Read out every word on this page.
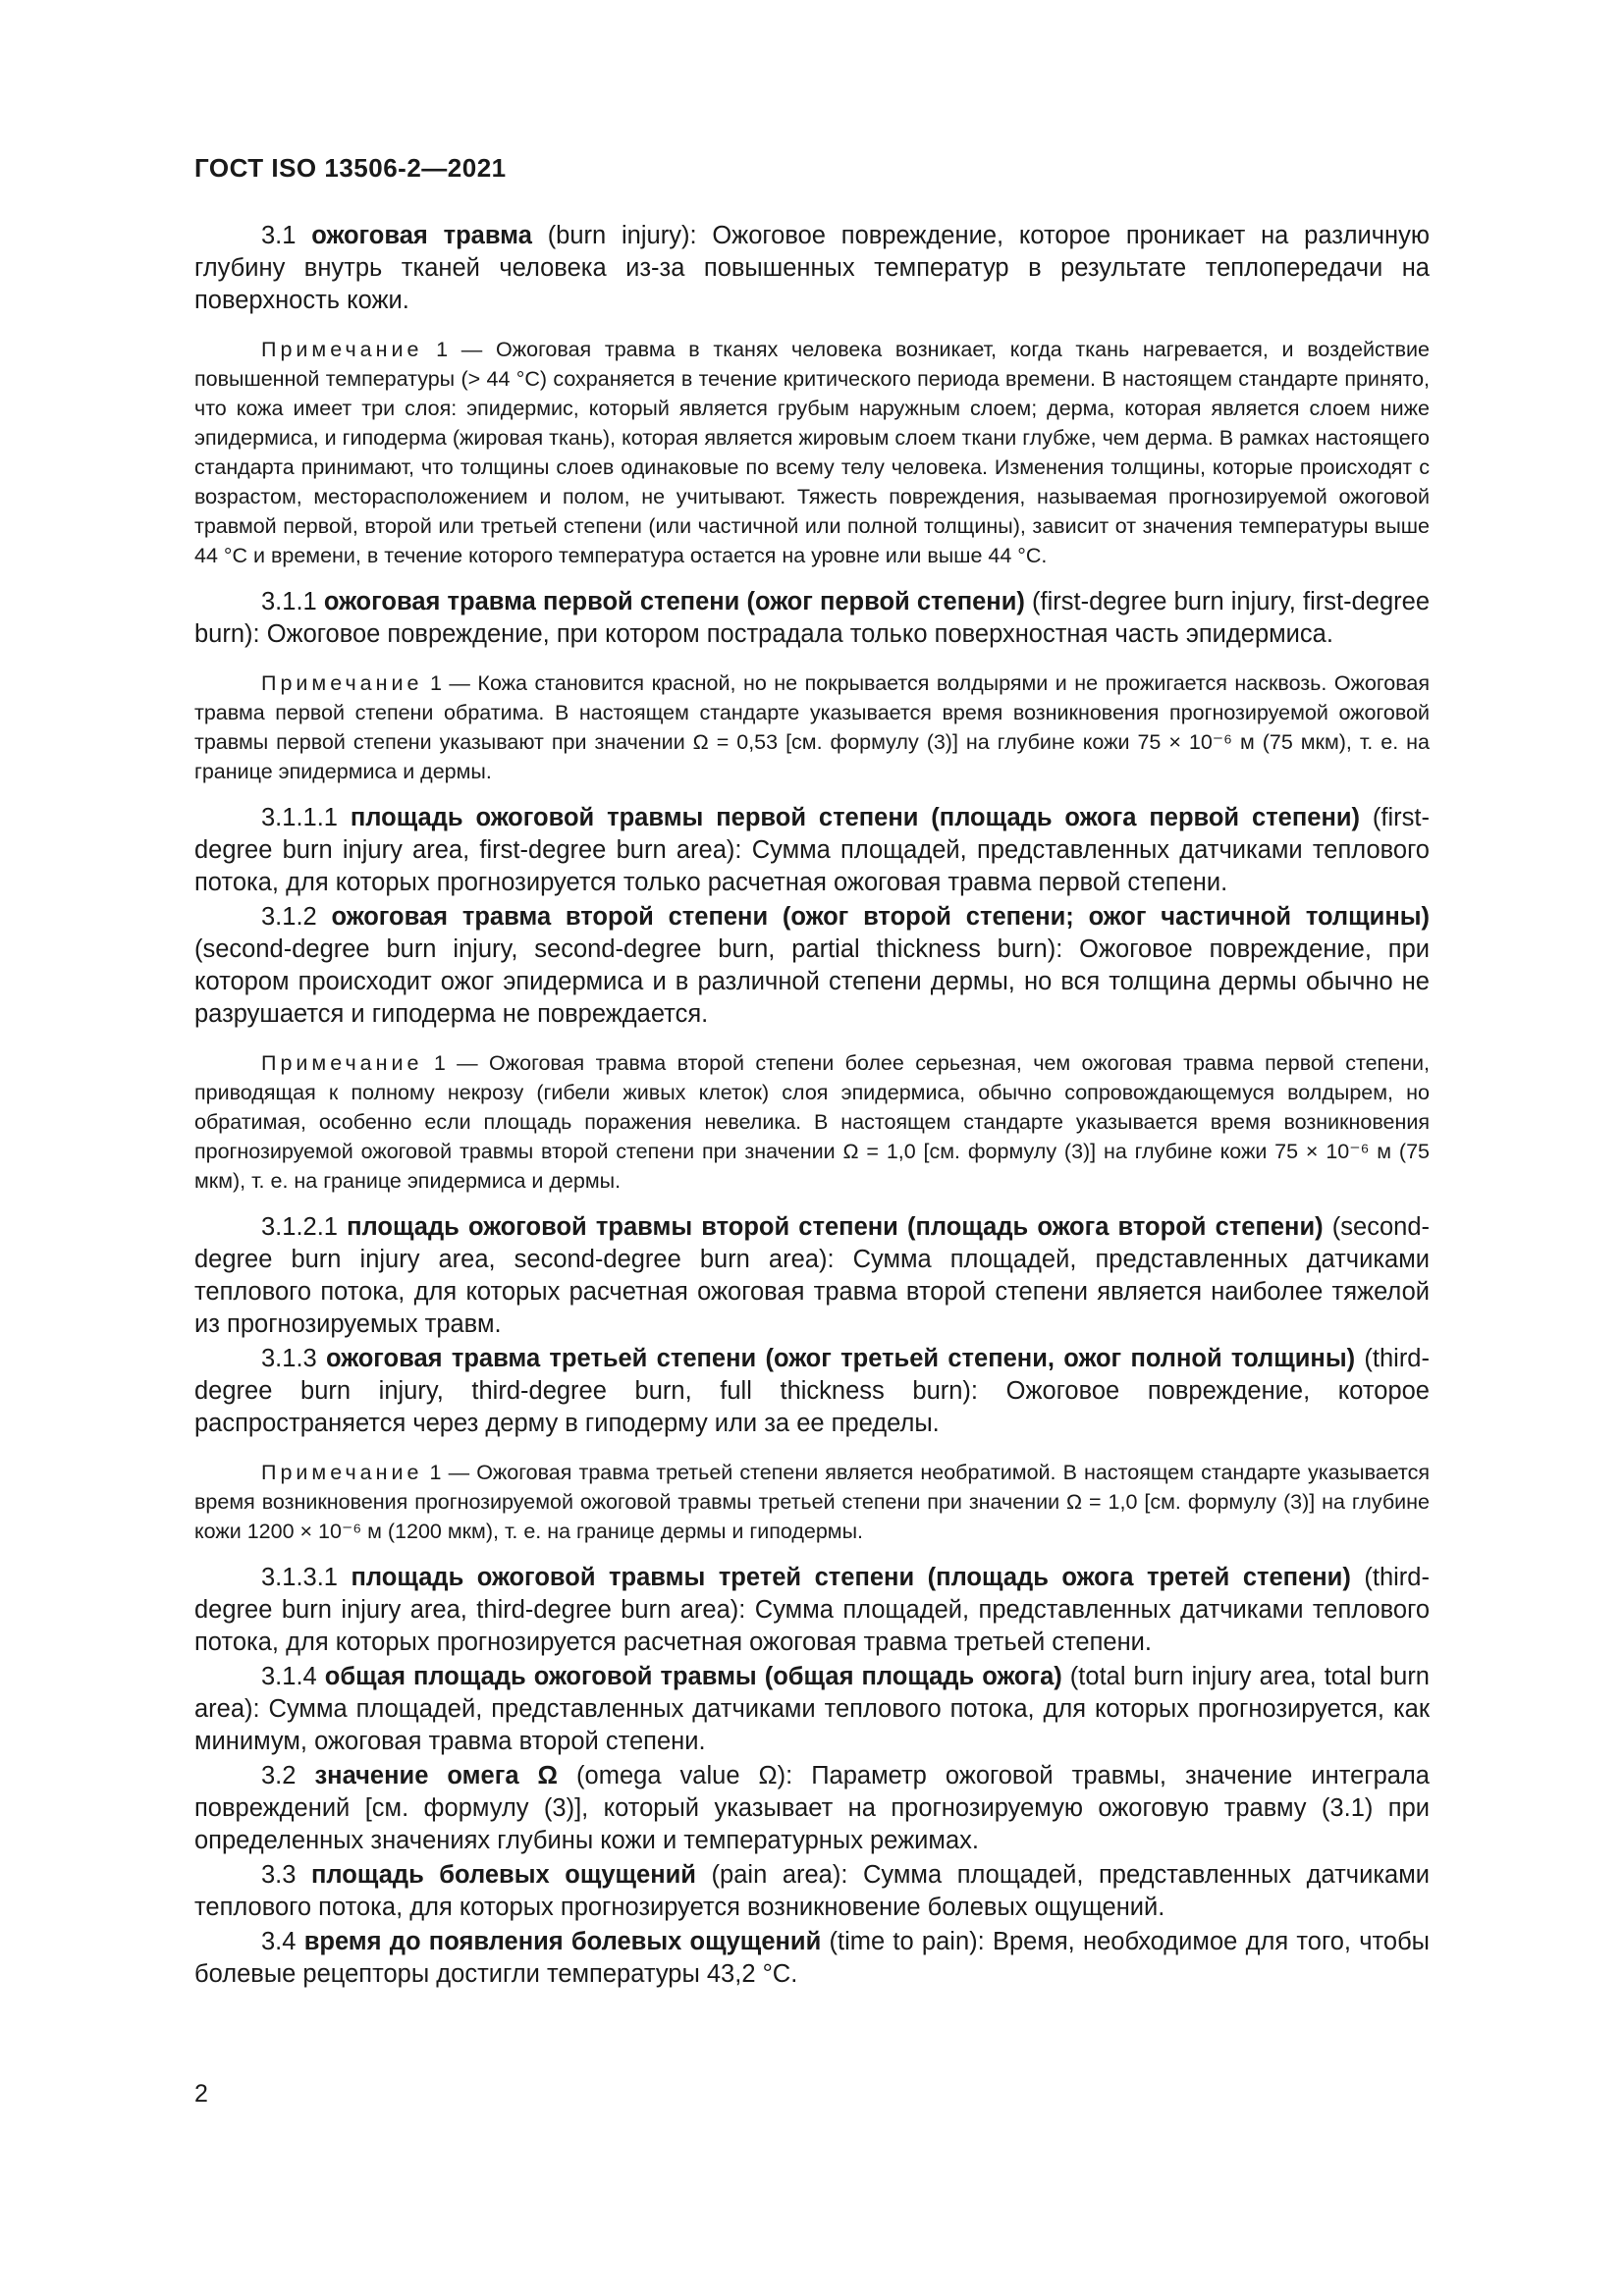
ГОСТ ISO 13506-2—2021

3.1 ожоговая травма (burn injury): Ожоговое повреждение, которое проникает на различную глубину внутрь тканей человека из-за повышенных температур в результате теплопередачи на поверхность кожи.

Примечание 1 — Ожоговая травма в тканях человека возникает, когда ткань нагревается, и воздействие повышенной температуры (> 44 °С) сохраняется в течение критического периода времени. В настоящем стандарте принято, что кожа имеет три слоя: эпидермис, который является грубым наружным слоем; дерма, которая является слоем ниже эпидермиса, и гиподерма (жировая ткань), которая является жировым слоем ткани глубже, чем дерма. В рамках настоящего стандарта принимают, что толщины слоев одинаковые по всему телу человека. Изменения толщины, которые происходят с возрастом, месторасположением и полом, не учитывают. Тяжесть повреждения, называемая прогнозируемой ожоговой травмой первой, второй или третьей степени (или частичной или полной толщины), зависит от значения температуры выше 44 °С и времени, в течение которого температура остается на уровне или выше 44 °С.

3.1.1 ожоговая травма первой степени (ожог первой степени) (first-degree burn injury, first-degree burn): Ожоговое повреждение, при котором пострадала только поверхностная часть эпидермиса.

Примечание 1 — Кожа становится красной, но не покрывается волдырями и не прожигается насквозь. Ожоговая травма первой степени обратима. В настоящем стандарте указывается время возникновения прогнозируемой ожоговой травмы первой степени указывают при значении Ω = 0,53 [см. формулу (3)] на глубине кожи 75 × 10⁻⁶ м (75 мкм), т. е. на границе эпидермиса и дермы.

3.1.1.1 площадь ожоговой травмы первой степени (площадь ожога первой степени) (first-degree burn injury area, first-degree burn area): Сумма площадей, представленных датчиками теплового потока, для которых прогнозируется только расчетная ожоговая травма первой степени.

3.1.2 ожоговая травма второй степени (ожог второй степени; ожог частичной толщины) (second-degree burn injury, second-degree burn, partial thickness burn): Ожоговое повреждение, при котором происходит ожог эпидермиса и в различной степени дермы, но вся толщина дермы обычно не разрушается и гиподерма не повреждается.

Примечание 1 — Ожоговая травма второй степени более серьезная, чем ожоговая травма первой степени, приводящая к полному некрозу (гибели живых клеток) слоя эпидермиса, обычно сопровождающемуся волдырем, но обратимая, особенно если площадь поражения невелика. В настоящем стандарте указывается время возникновения прогнозируемой ожоговой травмы второй степени при значении Ω = 1,0 [см. формулу (3)] на глубине кожи 75 × 10⁻⁶ м (75 мкм), т. е. на границе эпидермиса и дермы.

3.1.2.1 площадь ожоговой травмы второй степени (площадь ожога второй степени) (second-degree burn injury area, second-degree burn area): Сумма площадей, представленных датчиками теплового потока, для которых расчетная ожоговая травма второй степени является наиболее тяжелой из прогнозируемых травм.

3.1.3 ожоговая травма третьей степени (ожог третьей степени, ожог полной толщины) (third-degree burn injury, third-degree burn, full thickness burn): Ожоговое повреждение, которое распространяется через дерму в гиподерму или за ее пределы.

Примечание 1 — Ожоговая травма третьей степени является необратимой. В настоящем стандарте указывается время возникновения прогнозируемой ожоговой травмы третьей степени при значении Ω = 1,0 [см. формулу (3)] на глубине кожи 1200 × 10⁻⁶ м (1200 мкм), т. е. на границе дермы и гиподермы.

3.1.3.1 площадь ожоговой травмы третей степени (площадь ожога третей степени) (third-degree burn injury area, third-degree burn area): Сумма площадей, представленных датчиками теплового потока, для которых прогнозируется расчетная ожоговая травма третьей степени.

3.1.4 общая площадь ожоговой травмы (общая площадь ожога) (total burn injury area, total burn area): Сумма площадей, представленных датчиками теплового потока, для которых прогнозируется, как минимум, ожоговая травма второй степени.

3.2 значение омега Ω (omega value Ω): Параметр ожоговой травмы, значение интеграла повреждений [см. формулу (3)], который указывает на прогнозируемую ожоговую травму (3.1) при определенных значениях глубины кожи и температурных режимах.

3.3 площадь болевых ощущений (pain area): Сумма площадей, представленных датчиками теплового потока, для которых прогнозируется возникновение болевых ощущений.

3.4 время до появления болевых ощущений (time to pain): Время, необходимое для того, чтобы болевые рецепторы достигли температуры 43,2 °С.

2
